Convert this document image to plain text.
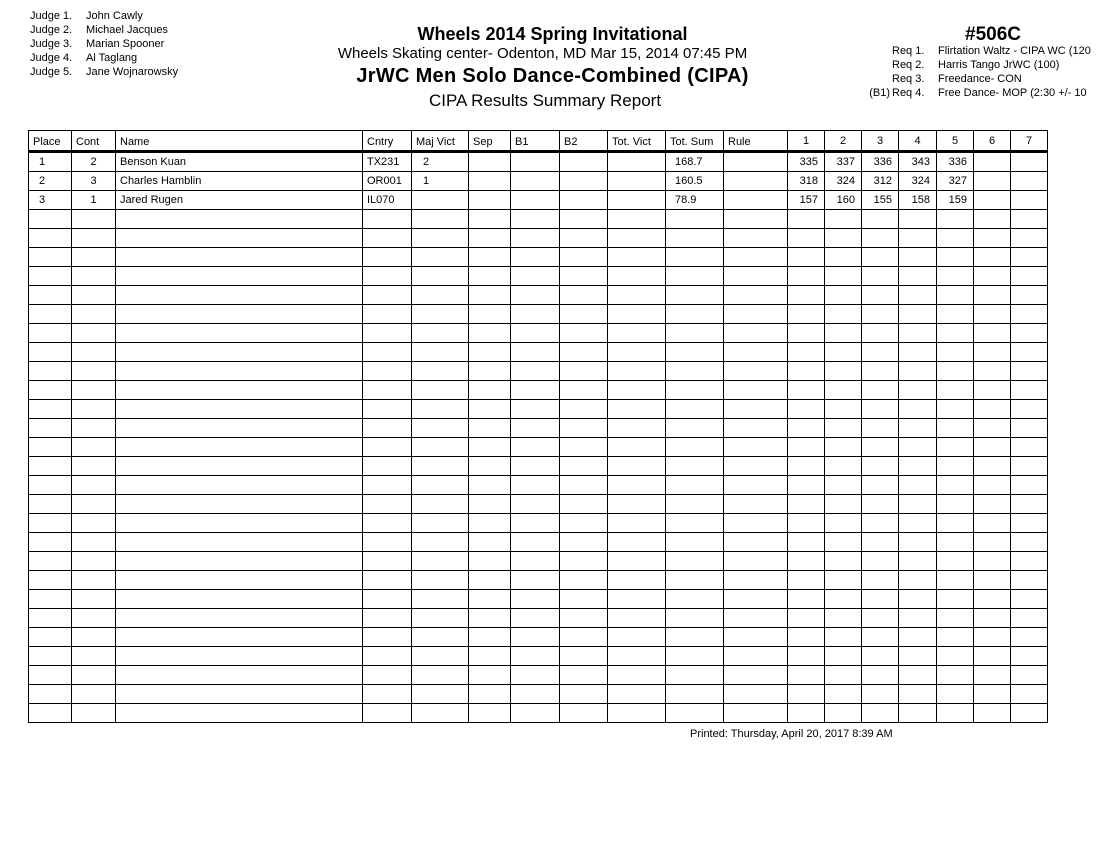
Judge 1. John Cawly
Judge 2. Michael Jacques
Judge 3. Marian Spooner
Judge 4. Al Taglang
Judge 5. Jane Wojnarowsky
Wheels 2014 Spring Invitational
Wheels Skating center- Odenton, MD Mar 15, 2014 07:45 PM
JrWC Men Solo Dance-Combined (CIPA)
CIPA Results Summary Report
#506C
Req 1. Flirtation Waltz - CIPA WC (120
Req 2. Harris Tango JrWC (100)
Req 3. Freedance- CON
(B1) Req 4. Free Dance- MOP (2:30 +/- 10
Place	Cont	Name	Cntry	Maj Vict	Sep	B1	B2	Tot. Vict	Tot. Sum	Rule	1	2	3	4	5	6	7
1	2	Benson Kuan	TX231	2					168.7		335	337	336	343	336		
2	3	Charles Hamblin	OR001	1					160.5		318	324	312	324	327		
3	1	Jared Rugen	IL070						78.9		157	160	155	158	159		

Printed: Thursday, April 20, 2017 8:39 AM
